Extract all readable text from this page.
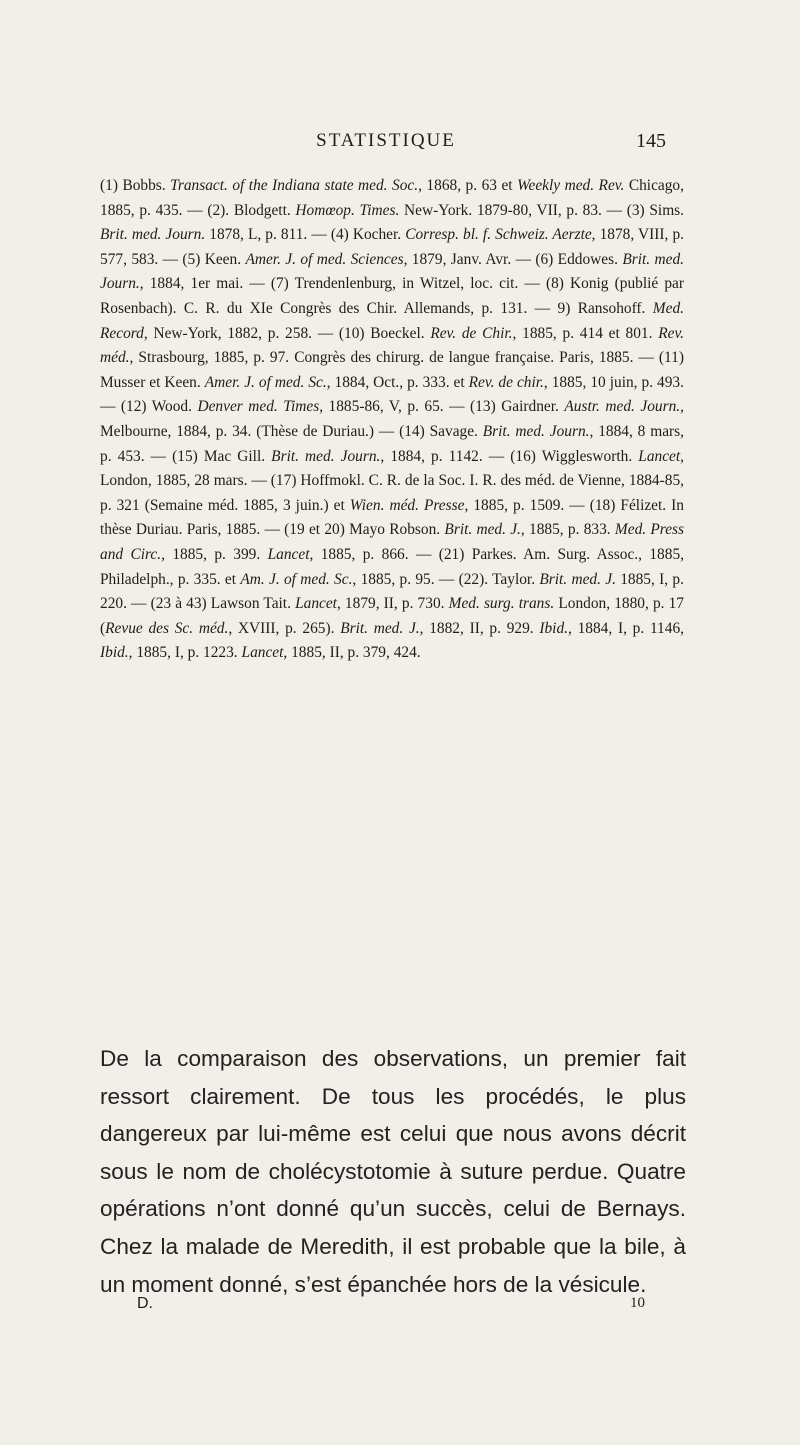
STATISTIQUE	145
(1) Bobbs. Transact. of the Indiana state med. Soc., 1868, p. 63 et Weekly med. Rev. Chicago, 1885, p. 435. — (2). Blodgett. Homœop. Times. New-York. 1879-80, VII, p. 83. — (3) Sims. Brit. med. Journ. 1878, L, p. 811. — (4) Kocher. Corresp. bl. f. Schweiz. Aerzte, 1878, VIII, p. 577, 583. — (5) Keen. Amer. J. of med. Sciences, 1879, Janv. Avr. — (6) Eddowes. Brit. med. Journ., 1884, 1er mai. — (7) Trendenlenburg, in Witzel, loc. cit. — (8) Konig (publié par Rosenbach). C. R. du XIe Congrès des Chir. Allemands, p. 131. — 9) Ransohoff. Med. Record, New-York, 1882, p. 258. — (10) Boeckel. Rev. de Chir., 1885, p. 414 et 801. Rev. méd., Strasbourg, 1885, p. 97. Congrès des chirurg. de langue française. Paris, 1885. — (11) Musser et Keen. Amer. J. of med. Sc., 1884, Oct., p. 333. et Rev. de chir., 1885, 10 juin, p. 493. — (12) Wood. Denver med. Times, 1885-86, V, p. 65. — (13) Gairdner. Austr. med. Journ., Melbourne, 1884, p. 34. (Thèse de Duriau.) — (14) Savage. Brit. med. Journ., 1884, 8 mars, p. 453. — (15) Mac Gill. Brit. med. Journ., 1884, p. 1142. — (16) Wigglesworth. Lancet, London, 1885, 28 mars. — (17) Hoffmokl. C. R. de la Soc. I. R. des méd. de Vienne, 1884-85, p. 321 (Semaine méd. 1885, 3 juin.) et Wien. méd. Presse, 1885, p. 1509. — (18) Félizet. In thèse Duriau. Paris, 1885. — (19 et 20) Mayo Robson. Brit. med. J., 1885, p. 833. Med. Press and Circ., 1885, p. 399. Lancet, 1885, p. 866. — (21) Parkes. Am. Surg. Assoc., 1885, Philadelph., p. 335. et Am. J. of med. Sc., 1885, p. 95. — (22). Taylor. Brit. med. J. 1885, I, p. 220. — (23 à 43) Lawson Tait. Lancet, 1879, II, p. 730. Med. surg. trans. London, 1880, p. 17 (Revue des Sc. méd., XVIII, p. 265). Brit. med. J., 1882, II, p. 929. Ibid., 1884, I, p. 1146, Ibid., 1885, I, p. 1223. Lancet, 1885, II, p. 379, 424.
De la comparaison des observations, un premier fait ressort clairement. De tous les procédés, le plus dangereux par lui-même est celui que nous avons décrit sous le nom de cholécystotomie à suture perdue. Quatre opérations n’ont donné qu’un succès, celui de Bernays. Chez la malade de Meredith, il est probable que la bile, à un moment donné, s’est épanchée hors de la vésicule.
D.	10
